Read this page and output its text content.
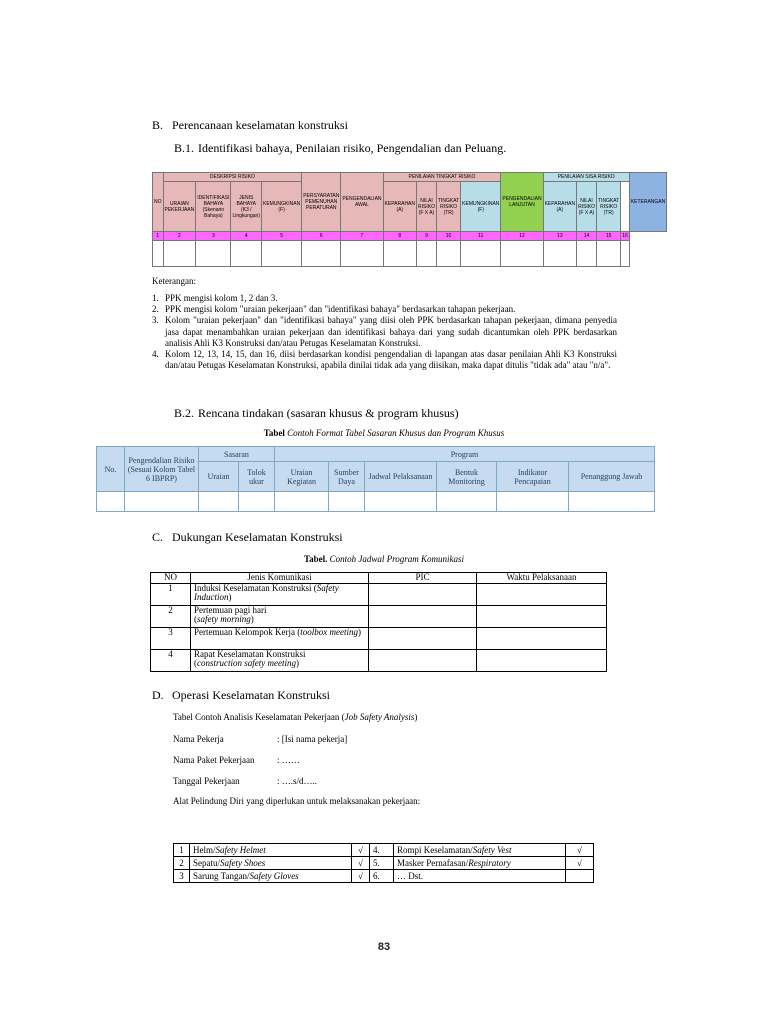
B. Perencanaan keselamatan konstruksi
B.1. Identifikasi bahaya, Penilaian risiko, Pengendalian dan Peluang.
NO	DESKRIPSI RISIKO				PERSYARATAN PEMENUHAN PERATURAN	PENGENDALIAN AWAL	PENILAIAN TINGKAT RISIKO				PENGENDALIAN LANJUTAN	PENILAIAN SISA RISIKO				KETERANGAN
	URAIAN PEKERJAAN	IDENTIFIKASI BAHAYA (Skenario Bahaya)	JENIS BAHAYA (K3 / Lingkungan)	KEMUNGKINAN (F)			KEPARAHAN (A)	NILAI RISIKO (F X A)	TINGKAT RISIKO (TR)	KEMUNGKINAN (F)		KEPARAHAN (A)	NILAI RISIKO (F X A)	TINGKAT RISIKO (TR)		
1	2	3	4	5	6	7	8	9	10	11	12	13	14	15	16	

Keterangan:
1. PPK mengisi kolom 1, 2 dan 3.
2. PPK mengisi kolom "uraian pekerjaan" dan "identifikasi bahaya" berdasarkan tahapan pekerjaan.
3. Kolom "uraian pekerjaan" dan "identifikasi bahaya" yang diisi oleh PPK berdasarkan tahapan pekerjaan, dimana penyedia jasa dapat menambahkan uraian pekerjaan dan identifikasi bahaya dari yang sudah dicantumkan oleh PPK berdasarkan analisis Ahli K3 Konstruksi dan/atau Petugas Keselamatan Konstruksi.
4. Kolom 12, 13, 14, 15, dan 16, diisi berdasarkan kondisi pengendalian di lapangan atas dasar penilaian Ahli K3 Konstruksi dan/atau Petugas Keselamatan Konstruksi, apabila dinilai tidak ada yang diisikan, maka dapat ditulis "tidak ada" atau "n/a".
B.2. Rencana tindakan (sasaran khusus & program khusus)
Tabel Contoh Format Tabel Sasaran Khusus dan Program Khusus
No.	Pengendalian Risiko (Sesuai Kolom Tabel 6 IBPRP)	Sasaran		Program					
		Uraian	Tolok ukur	Uraian Kegiatan	Sumber Daya	Jadwal Pelaksanaan	Bentuk Monitoring	Indikator Pencapaian	Penanggung Jawab

C. Dukungan Keselamatan Konstruksi
Tabel. Contoh Jadwal Program Komunikasi
NO	Jenis Komunikasi	PIC	Waktu Pelaksanaan
1	Induksi Keselamatan Konstruksi (Safety Induction)		
2	Pertemuan pagi hari
(safety morning)		
3	Pertemuan Kelompok Kerja (toolbox meeting)		
4	Rapat Keselamatan Konstruksi
(construction safety meeting)		
D. Operasi Keselamatan Konstruksi
Tabel Contoh Analisis Keselamatan Pekerjaan (Job Safety Analysis)
Nama Pekerja	: [Isi nama pekerja]
Nama Paket Pekerjaan	: ……
Tanggal Pekerjaan	: ….s/d…..
Alat Pelindung Diri yang diperlukan untuk melaksanakan pekerjaan:
1	Helm/Safety Helmet	√	4.	Rompi Keselamatan/Safety Vest	√
2	Sepatu/Safety Shoes	√	5.	Masker Pernafasan/Respiratory	√
3	Sarung Tangan/Safety Gloves	√	6.	… Dst.	
83
